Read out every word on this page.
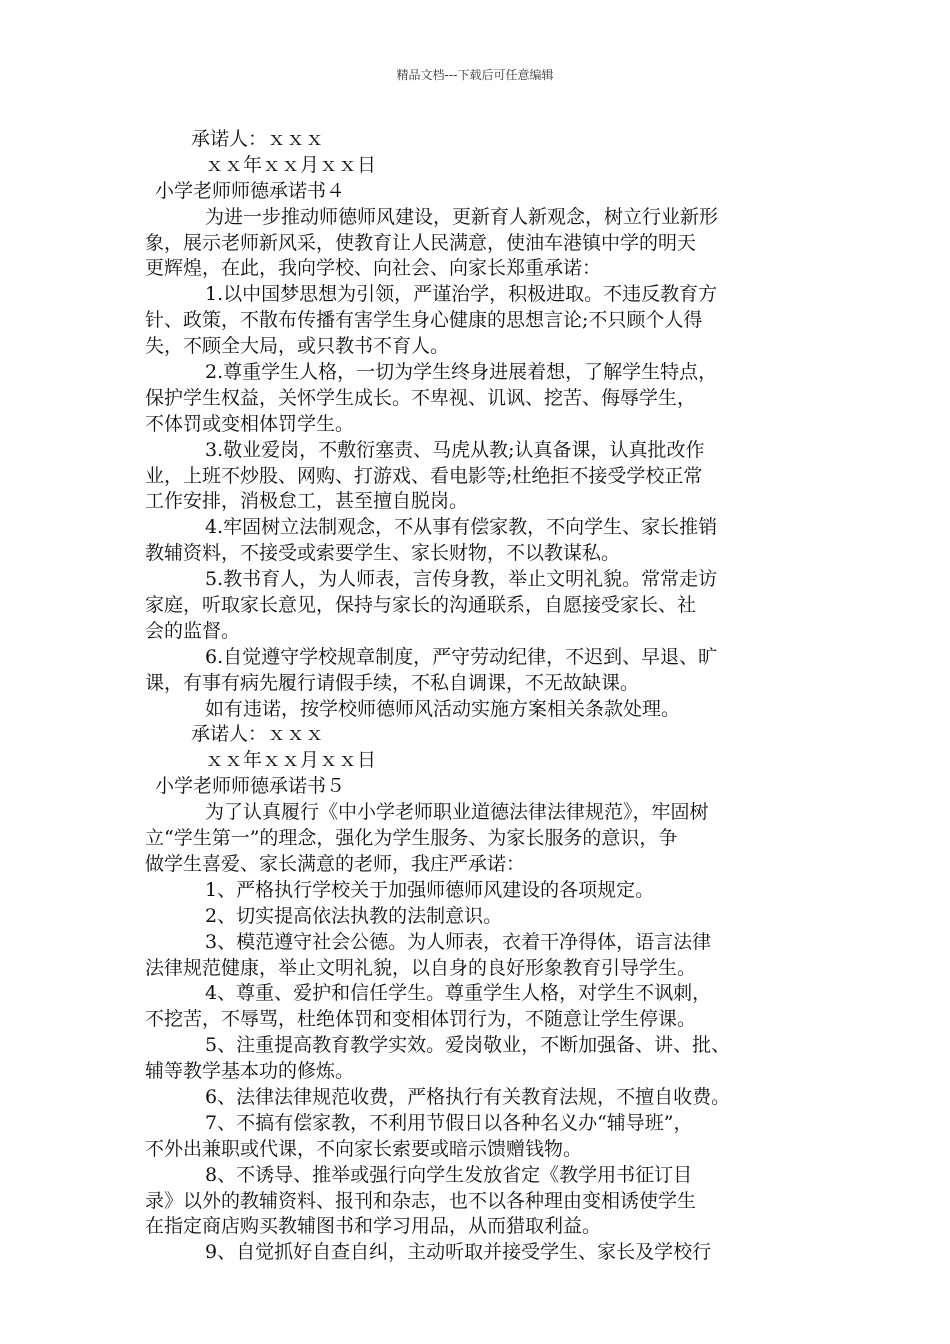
精品文档---下载后可任意编辑
承诺人：ｘｘｘ
ｘｘ年ｘｘ月ｘｘ日
小学老师师德承诺书４
为进一步推动师德师风建设，更新育人新观念，树立行业新形
象，展示老师新风采，使教育让人民满意，使油车港镇中学的明天
更辉煌，在此，我向学校、向社会、向家长郑重承诺：
1.以中国梦思想为引领，严谨治学，积极进取。不违反教育方
针、政策，不散布传播有害学生身心健康的思想言论;不只顾个人得
失，不顾全大局，或只教书不育人。
2.尊重学生人格，一切为学生终身进展着想，了解学生特点，
保护学生权益，关怀学生成长。不卑视、讥讽、挖苦、侮辱学生，
不体罚或变相体罚学生。
3.敬业爱岗，不敷衍塞责、马虎从教;认真备课，认真批改作
业，上班不炒股、网购、打游戏、看电影等;杜绝拒不接受学校正常
工作安排，消极怠工，甚至擅自脱岗。
4.牢固树立法制观念，不从事有偿家教，不向学生、家长推销
教辅资料，不接受或索要学生、家长财物，不以教谋私。
5.教书育人，为人师表，言传身教，举止文明礼貌。常常走访
家庭，听取家长意见，保持与家长的沟通联系，自愿接受家长、社
会的监督。
6.自觉遵守学校规章制度，严守劳动纪律，不迟到、早退、旷
课，有事有病先履行请假手续，不私自调课，不无故缺课。
如有违诺，按学校师德师风活动实施方案相关条款处理。
承诺人：ｘｘｘ
ｘｘ年ｘｘ月ｘｘ日
小学老师师德承诺书５
为了认真履行《中小学老师职业道德法律法律规范》，牢固树
立“学生第一”的理念，强化为学生服务、为家长服务的意识，争
做学生喜爱、家长满意的老师，我庄严承诺：
1、严格执行学校关于加强师德师风建设的各项规定。
2、切实提高依法执教的法制意识。
3、模范遵守社会公德。为人师表，衣着干净得体，语言法律
法律规范健康，举止文明礼貌，以自身的良好形象教育引导学生。
4、尊重、爱护和信任学生。尊重学生人格，对学生不讽刺，
不挖苦，不辱骂，杜绝体罚和变相体罚行为，不随意让学生停课。
5、注重提高教育教学实效。爱岗敬业，不断加强备、讲、批、
辅等教学基本功的修炼。
6、法律法律规范收费，严格执行有关教育法规，不擅自收费。
7、不搞有偿家教，不利用节假日以各种名义办“辅导班”，
不外出兼职或代课，不向家长索要或暗示馈赠钱物。
8、不诱导、推举或强行向学生发放省定《教学用书征订目
录》以外的教辅资料、报刊和杂志，也不以各种理由变相诱使学生
在指定商店购买教辅图书和学习用品，从而猎取利益。
9、自觉抓好自查自纠，主动听取并接受学生、家长及学校行
